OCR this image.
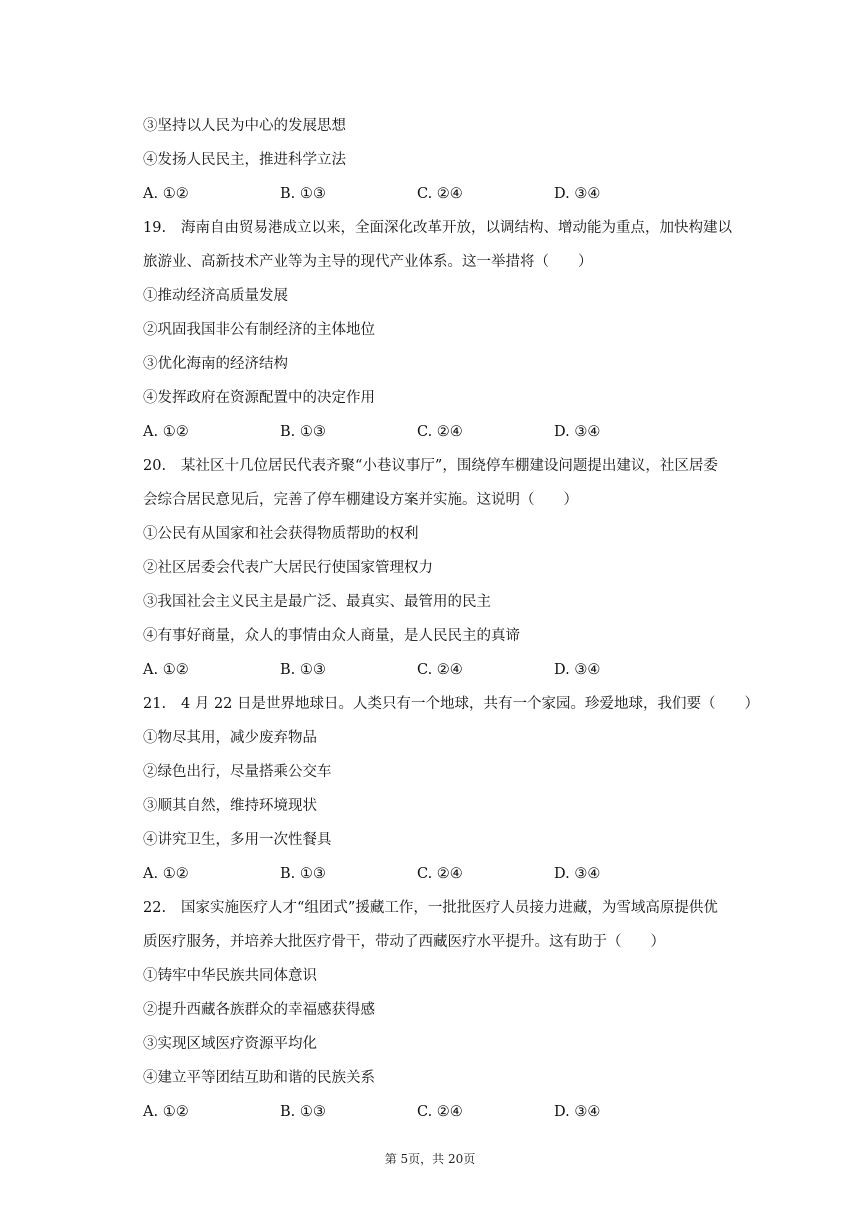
③坚持以人民为中心的发展思想
④发扬人民民主，推进科学立法
A. ①②	B. ①③	C. ②④	D. ③④
19. 海南自由贸易港成立以来，全面深化改革开放，以调结构、增动能为重点，加快构建以
旅游业、高新技术产业等为主导的现代产业体系。这一举措将（　　）
①推动经济高质量发展
②巩固我国非公有制经济的主体地位
③优化海南的经济结构
④发挥政府在资源配置中的决定作用
A. ①②	B. ①③	C. ②④	D. ③④
20. 某社区十几位居民代表齐聚“小巷议事厅”，围绕停车棚建设问题提出建议，社区居委
会综合居民意见后，完善了停车棚建设方案并实施。这说明（　　）
①公民有从国家和社会获得物质帮助的权利
②社区居委会代表广大居民行使国家管理权力
③我国社会主义民主是最广泛、最真实、最管用的民主
④有事好商量，众人的事情由众人商量，是人民民主的真谛
A. ①②	B. ①③	C. ②④	D. ③④
21. 4 月 22 日是世界地球日。人类只有一个地球，共有一个家园。珍爱地球，我们要（　　）
①物尽其用，减少废弃物品
②绿色出行，尽量搭乘公交车
③顺其自然，维持环境现状
④讲究卫生，多用一次性餐具
A. ①②	B. ①③	C. ②④	D. ③④
22. 国家实施医疗人才“组团式”援藏工作，一批批医疗人员接力进藏，为雪域高原提供优
质医疗服务，并培养大批医疗骨干，带动了西藏医疗水平提升。这有助于（　　）
①铸牢中华民族共同体意识
②提升西藏各族群众的幸福感获得感
③实现区域医疗资源平均化
④建立平等团结互助和谐的民族关系
A. ①②	B. ①③	C. ②④	D. ③④
第 5页，共 20页
